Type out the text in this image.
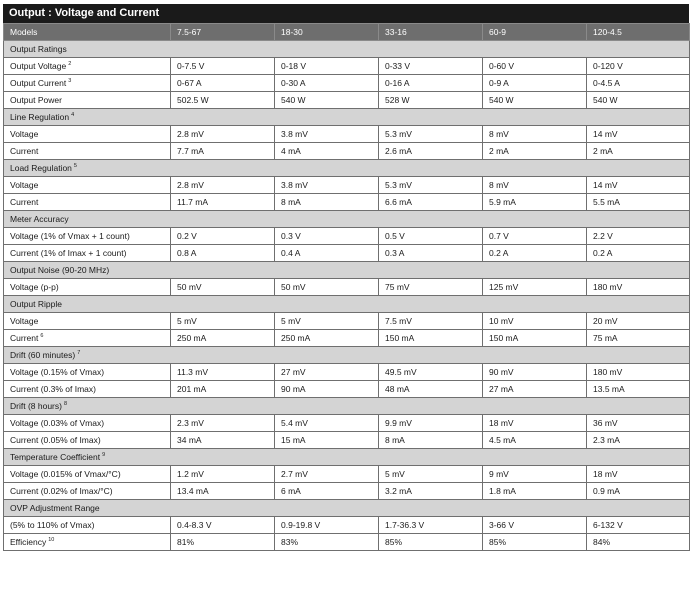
Output : Voltage and Current
Models	7.5-67	18-30	33-16	60-9	120-4.5
Output Ratings					
Output Voltage $^2$	0-7.5 V	0-18 V	0-33 V	0-60 V	0-120 V
Output Current $^3$	0-67 A	0-30 A	0-16 A	0-9 A	0-4.5 A
Output Power	502.5 W	540 W	528 W	540 W	540 W
Line Regulation $^4$
Voltage	2.8 mV	3.8 mV	5.3 mV	8 mV	14 mV
Current	7.7 mA	4 mA	2.6 mA	2 mA	2 mA
Load Regulation $^5$
Voltage	2.8 mV	3.8 mV	5.3 mV	8 mV	14 mV
Current	11.7 mA	8 mA	6.6 mA	5.9 mA	5.5 mA
Meter Accuracy					
Voltage (1% of Vmax + 1 count)	0.2 V	0.3 V	0.5 V	0.7 V	2.2 V
Current (1% of Imax + 1 count)	0.8 A	0.4 A	0.3 A	0.2 A	0.2 A
Output Noise (90-20 MHz)					
Voltage (p-p)	50 mV	50 mV	75 mV	125 mV	180 mV
Output Ripple					
Voltage	5 mV	5 mV	7.5 mV	10 mV	20 mV
Current $^6$	250 mA	250 mA	150 mA	150 mA	75 mA
Drift (60 minutes) $^7$
Voltage (0.15% of Vmax)	11.3 mV	27 mV	49.5 mV	90 mV	180 mV
Current (0.3% of Imax)	201 mA	90 mA	48 mA	27 mA	13.5 mA
Drift (8 hours) $^8$
Voltage (0.03% of Vmax)	2.3 mV	5.4 mV	9.9 mV	18 mV	36 mV
Current (0.05% of Imax)	34 mA	15 mA	8 mA	4.5 mA	2.3 mA
Temperature Coefficient $^9$
Voltage (0.015% of Vmax/°C)	1.2 mV	2.7 mV	5 mV	9 mV	18 mV
Current (0.02% of Imax/°C)	13.4 mA	6 mA	3.2 mA	1.8 mA	0.9 mA
OVP Adjustment Range					
(5% to 110% of Vmax)	0.4-8.3 V	0.9-19.8 V	1.7-36.3 V	3-66 V	6-132 V
Efficiency $^{10}$	81%	83%	85%	85%	84%
